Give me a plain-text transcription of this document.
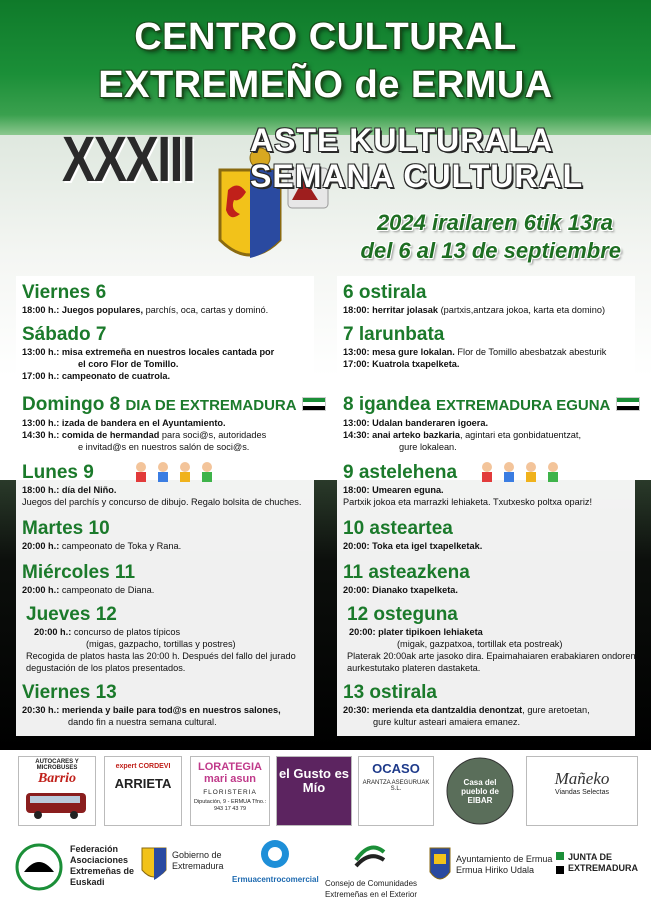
CENTRO CULTURAL
EXTREMEÑO de ERMUA
XXXIII ASTE KULTURALA
SEMANA CULTURAL
2024 irailaren 6tik 13ra
del 6 al 13 de septiembre
Viernes 6

18:00 h.: Juegos populares, parchís, oca, cartas y dominó.

Sábado 7

13:00 h.: misa extremeña en nuestros locales cantada por

el coro Flor de Tomillo.

17:00 h.: campeonato de cuatrola.

Domingo 8 DIA DE EXTREMADURA

13:00 h.: izada de bandera en el Ayuntamiento.

14:30 h.: comida de hermandad para soci@s, autoridades

e invitad@s en nuestros salón de soci@s.

Lunes 9

18:00 h.: día del Niño.

Juegos del parchís y concurso de dibujo. Regalo bolsita de chuches.

Martes 10

20:00 h.: campeonato de Toka y Rana.

Miércoles 11

20:00 h.: campeonato de Diana.

Jueves 12

20:00 h.: concurso de platos típicos

(migas, gazpacho, tortillas y postres)

Recogida de platos hasta las 20:00 h. Después del fallo del jurado

degustación de los platos presentados.

Viernes 13

20:30 h.: merienda y baile para tod@s en nuestros salones,

dando fin a nuestra semana cultural.

6 ostirala

18:00: herritar jolasak (partxis,antzara jokoa, karta eta domino)

7 larunbata

13:00: mesa gure lokalan. Flor de Tomillo abesbatzak abesturik

17:00: Kuatrola txapelketa.

8 igandea EXTREMADURA EGUNA

13:00: Udalan banderaren igoera.

14:30: anai arteko bazkaria, agintari eta gonbidatuentzat,

gure lokalean.

9 astelehena

18:00: Umearen eguna.

Partxik jokoa eta marrazki lehiaketa. Txutxesko poltxa opariz!

10 asteartea

20:00: Toka eta igel txapelketak.

11 asteazkena

20:00: Dianako txapelketa.

12 osteguna

20:00: plater tipikoen lehiaketa

(migak, gazpatxoa, tortillak eta postreak)

Platerak 20:00ak arte jasoko dira. Epaimahaiaren erabakiaren ondoren,

aurkestutako plateren dastaketa.

13 ostirala

20:30: merienda eta dantzaldia denontzat, gure aretoetan,

gure kultur asteari amaiera emanez.

AUTOCARES Y MICROBUSES
Barrio
expert CORDEVI
ARRIETA
LORATEGIA mari asun
FLORISTERIA
Diputación, 9 - ERMUA Tfno.: 943 17 43 79
el Gusto es Mío
OCASO
ARANTZA ASEGURUAK S.L.
Casa del pueblo de EIBAR
Mañeko
Viandas Selectas
Federación
Asociaciones
Extremeñas de
Euskadi
Gobierno de
Extremadura
Ermuacentrocomercial Consejo de Comunidades
Extremeñas en el Exterior
Ayuntamiento de Ermua
Ermua Hiriko Udala
JUNTA DE
EXTREMADURA
